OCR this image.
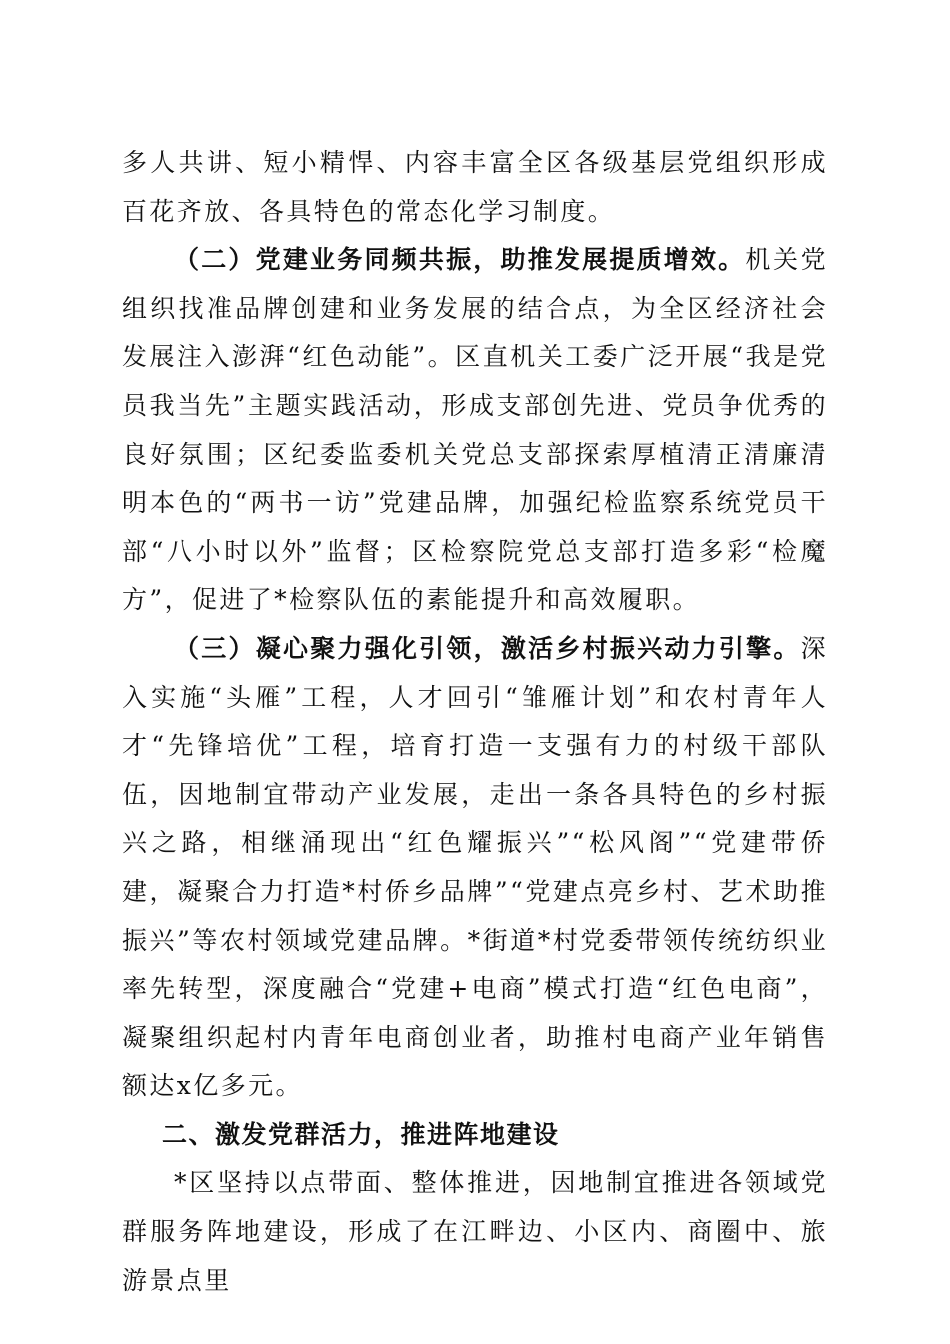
多人共讲、短小精悍、内容丰富全区各级基层党组织形成百花齐放、各具特色的常态化学习制度。

（二）党建业务同频共振，助推发展提质增效。机关党组织找准品牌创建和业务发展的结合点，为全区经济社会发展注入澎湃“红色动能”。区直机关工委广泛开展“我是党员我当先”主题实践活动，形成支部创先进、党员争优秀的良好氛围；区纪委监委机关党总支部探索厚植清正清廉清明本色的“两书一访”党建品牌，加强纪检监察系统党员干部“八小时以外”监督；区检察院党总支部打造多彩“检魔方”，促进了*检察队伍的素能提升和高效履职。

（三）凝心聚力强化引领，激活乡村振兴动力引擎。深入实施“头雁”工程，人才回引“雏雁计划”和农村青年人才“先锋培优”工程，培育打造一支强有力的村级干部队伍，因地制宜带动产业发展，走出一条各具特色的乡村振兴之路，相继涌现出“红色耀振兴”“松风阁”“党建带侨建，凝聚合力打造*村侨乡品牌”“党建点亮乡村、艺术助推振兴”等农村领域党建品牌。*街道*村党委带领传统纺织业率先转型，深度融合“党建+电商”模式打造“红色电商”，凝聚组织起村内青年电商创业者，助推村电商产业年销售额达x亿多元。

二、激发党群活力，推进阵地建设

*区坚持以点带面、整体推进，因地制宜推进各领域党群服务阵地建设，形成了在江畔边、小区内、商圈中、旅游景点里
